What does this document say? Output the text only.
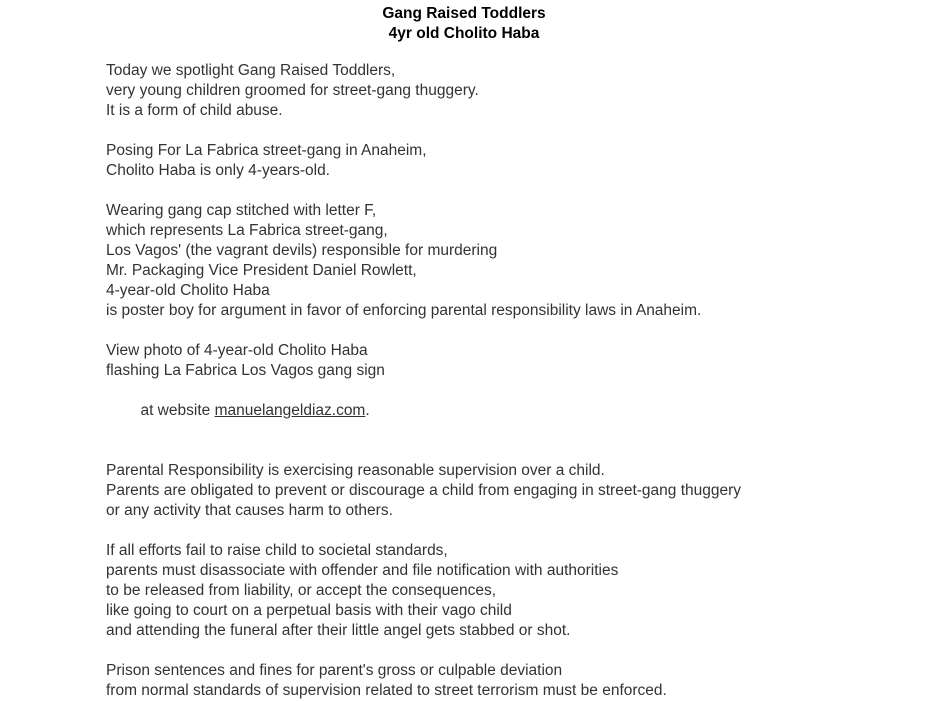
Gang Raised Toddlers
4yr old Cholito Haba

Today we spotlight Gang Raised Toddlers,
very young children groomed for street-gang thuggery.
It is a form of child abuse.

Posing For La Fabrica street-gang in Anaheim,
Cholito Haba is only 4-years-old.

Wearing gang cap stitched with letter F,
which represents La Fabrica street-gang,
Los Vagos' (the vagrant devils) responsible for murdering
Mr. Packaging Vice President Daniel Rowlett,
4-year-old Cholito Haba
is poster boy for argument in favor of enforcing parental responsibility laws in Anaheim.

View photo of 4-year-old Cholito Haba
flashing La Fabrica Los Vagos gang sign

at website manuelangeldiaz.com.

Parental Responsibility is exercising reasonable supervision over a child.
Parents are obligated to prevent or discourage a child from engaging in street-gang thuggery
or any activity that causes harm to others.

If all efforts fail to raise child to societal standards,
parents must disassociate with offender and file notification with authorities
to be released from liability, or accept the consequences,
like going to court on a perpetual basis with their vago child
and attending the funeral after their little angel gets stabbed or shot.

Prison sentences and fines for parent's gross or culpable deviation
from normal standards of supervision related to street terrorism must be enforced.
